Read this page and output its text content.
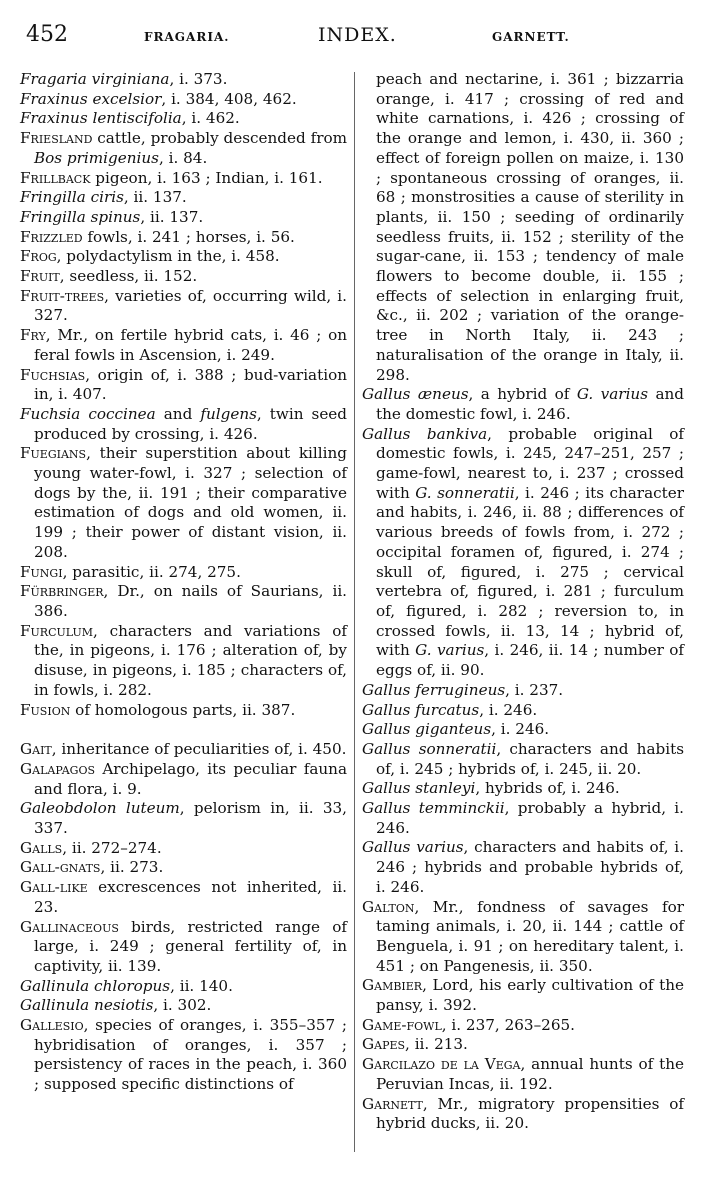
452	FRAGARIA.	INDEX.	GARNETT.

Fragaria virginiana, i. 373.

Fraxinus excelsior, i. 384, 408, 462.

Fraxinus lentiscifolia, i. 462.

Friesland cattle, probably descended from Bos primigenius, i. 84.

Frillback pigeon, i. 163 ; Indian, i. 161.

Fringilla ciris, ii. 137.

Fringilla spinus, ii. 137.

Frizzled fowls, i. 241 ; horses, i. 56.

Frog, polydactylism in the, i. 458.

Fruit, seedless, ii. 152.

Fruit-trees, varieties of, occurring wild, i. 327.

Fry, Mr., on fertile hybrid cats, i. 46 ; on feral fowls in Ascension, i. 249.

Fuchsias, origin of, i. 388 ; bud-variation in, i. 407.

Fuchsia coccinea and fulgens, twin seed produced by crossing, i. 426.

Fuegians, their superstition about killing young water-fowl, i. 327 ; selection of dogs by the, ii. 191 ; their comparative estimation of dogs and old women, ii. 199 ; their power of distant vision, ii. 208.

Fungi, parasitic, ii. 274, 275.

Fürbringer, Dr., on nails of Saurians, ii. 386.

Furculum, characters and variations of the, in pigeons, i. 176 ; alteration of, by disuse, in pigeons, i. 185 ; characters of, in fowls, i. 282.

Fusion of homologous parts, ii. 387.

Gait, inheritance of peculiarities of, i. 450.

Galapagos Archipelago, its peculiar fauna and flora, i. 9.

Galeobdolon luteum, pelorism in, ii. 33, 337.

Galls, ii. 272–274.

Gall-gnats, ii. 273.

Gall-like excrescences not inherited, ii. 23.

Gallinaceous birds, restricted range of large, i. 249 ; general fertility of, in captivity, ii. 139.

Gallinula chloropus, ii. 140.

Gallinula nesiotis, i. 302.

Gallesio, species of oranges, i. 355–357 ; hybridisation of oranges, i. 357 ; persistency of races in the peach, i. 360 ; supposed specific distinctions of

peach and nectarine, i. 361 ; bizzarria orange, i. 417 ; crossing of red and white carnations, i. 426 ; crossing of the orange and lemon, i. 430, ii. 360 ; effect of foreign pollen on maize, i. 130 ; spontaneous crossing of oranges, ii. 68 ; monstrosities a cause of sterility in plants, ii. 150 ; seeding of ordinarily seedless fruits, ii. 152 ; sterility of the sugar-cane, ii. 153 ; tendency of male flowers to become double, ii. 155 ; effects of selection in enlarging fruit, &c., ii. 202 ; variation of the orange-tree in North Italy, ii. 243 ; naturalisation of the orange in Italy, ii. 298.

Gallus æneus, a hybrid of G. varius and the domestic fowl, i. 246.

Gallus bankiva, probable original of domestic fowls, i. 245, 247–251, 257 ; game-fowl, nearest to, i. 237 ; crossed with G. sonneratii, i. 246 ; its character and habits, i. 246, ii. 88 ; differences of various breeds of fowls from, i. 272 ; occipital foramen of, figured, i. 274 ; skull of, figured, i. 275 ; cervical vertebra of, figured, i. 281 ; furculum of, figured, i. 282 ; reversion to, in crossed fowls, ii. 13, 14 ; hybrid of, with G. varius, i. 246, ii. 14 ; number of eggs of, ii. 90.

Gallus ferrugineus, i. 237.

Gallus furcatus, i. 246.

Gallus giganteus, i. 246.

Gallus sonneratii, characters and habits of, i. 245 ; hybrids of, i. 245, ii. 20.

Gallus stanleyi, hybrids of, i. 246.

Gallus temminckii, probably a hybrid, i. 246.

Gallus varius, characters and habits of, i. 246 ; hybrids and probable hybrids of, i. 246.

Galton, Mr., fondness of savages for taming animals, i. 20, ii. 144 ; cattle of Benguela, i. 91 ; on hereditary talent, i. 451 ; on Pangenesis, ii. 350.

Gambier, Lord, his early cultivation of the pansy, i. 392.

Game-fowl, i. 237, 263–265.

Gapes, ii. 213.

Garcilazo de la Vega, annual hunts of the Peruvian Incas, ii. 192.

Garnett, Mr., migratory propensities of hybrid ducks, ii. 20.
